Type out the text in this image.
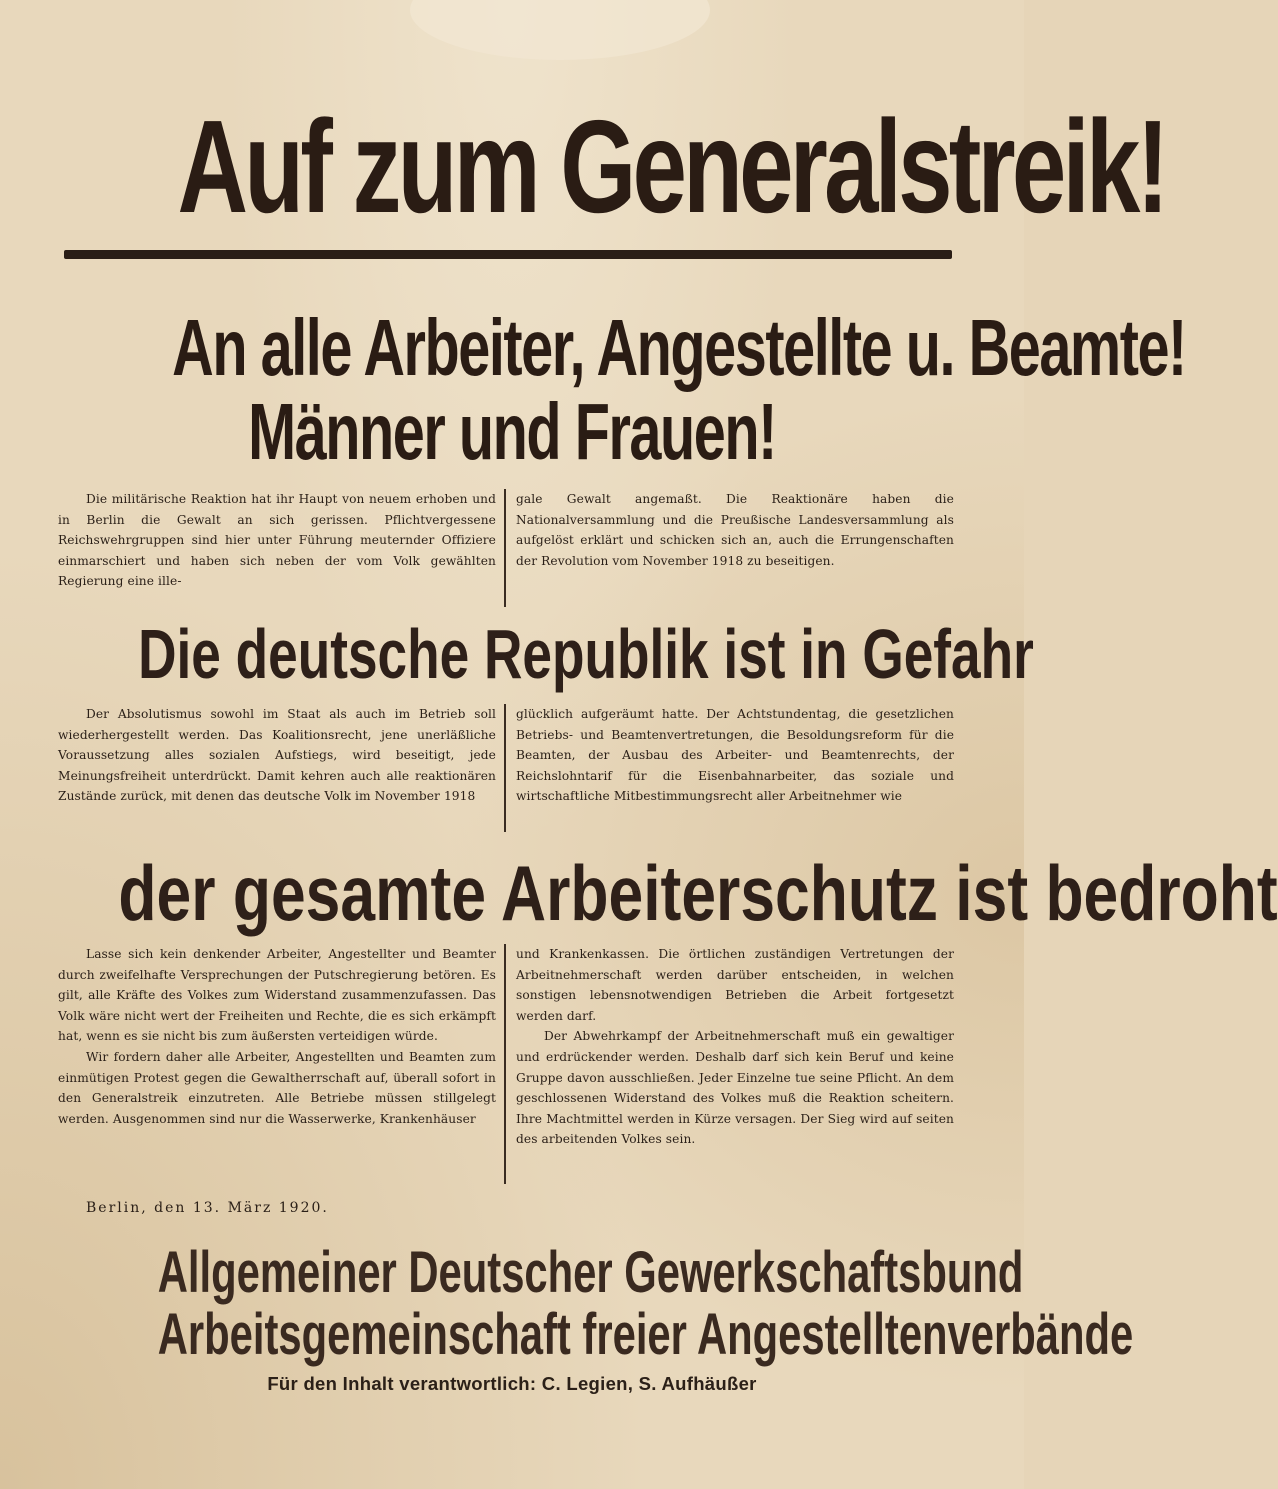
Auf zum Generalstreik!
An alle Arbeiter, Angestellte u. Beamte!
Männer und Frauen!

Die militärische Reaktion hat ihr Haupt von neuem erhoben und in Berlin die Gewalt an sich gerissen. Pflichtvergessene Reichswehrgruppen sind hier unter Führung meuternder Offiziere einmarschiert und haben sich neben der vom Volk gewählten Regierung eine ille-

gale Gewalt angemaßt. Die Reaktionäre haben die Nationalversammlung und die Preußische Landesversammlung als aufgelöst erklärt und schicken sich an, auch die Errungenschaften der Revolution vom November 1918 zu beseitigen.

Die deutsche Republik ist in Gefahr

Der Absolutismus sowohl im Staat als auch im Betrieb soll wiederhergestellt werden. Das Koalitionsrecht, jene unerläßliche Voraussetzung alles sozialen Aufstiegs, wird beseitigt, jede Meinungsfreiheit unterdrückt. Damit kehren auch alle reaktionären Zustände zurück, mit denen das deutsche Volk im November 1918

glücklich aufgeräumt hatte. Der Achtstundentag, die gesetzlichen Betriebs- und Beamtenvertretungen, die Besoldungsreform für die Beamten, der Ausbau des Arbeiter- und Beamtenrechts, der Reichslohntarif für die Eisenbahnarbeiter, das soziale und wirtschaftliche Mitbestimmungsrecht aller Arbeitnehmer wie

der gesamte Arbeiterschutz ist bedroht

Lasse sich kein denkender Arbeiter, Angestellter und Beamter durch zweifelhafte Versprechungen der Putschregierung betören. Es gilt, alle Kräfte des Volkes zum Widerstand zusammenzufassen. Das Volk wäre nicht wert der Freiheiten und Rechte, die es sich erkämpft hat, wenn es sie nicht bis zum äußersten verteidigen würde.

Wir fordern daher alle Arbeiter, Angestellten und Beamten zum einmütigen Protest gegen die Gewaltherrschaft auf, überall sofort in den Generalstreik einzutreten. Alle Betriebe müssen stillgelegt werden. Ausgenommen sind nur die Wasserwerke, Krankenhäuser

und Krankenkassen. Die örtlichen zuständigen Vertretungen der Arbeitnehmerschaft werden darüber entscheiden, in welchen sonstigen lebensnotwendigen Betrieben die Arbeit fortgesetzt werden darf.

Der Abwehrkampf der Arbeitnehmerschaft muß ein gewaltiger und erdrückender werden. Deshalb darf sich kein Beruf und keine Gruppe davon ausschließen. Jeder Einzelne tue seine Pflicht. An dem geschlossenen Widerstand des Volkes muß die Reaktion scheitern. Ihre Machtmittel werden in Kürze versagen. Der Sieg wird auf seiten des arbeitenden Volkes sein.

Berlin, den 13. März 1920.
Allgemeiner Deutscher Gewerkschaftsbund
Arbeitsgemeinschaft freier Angestelltenverbände
Für den Inhalt verantwortlich: C. Legien, S. Aufhäußer
